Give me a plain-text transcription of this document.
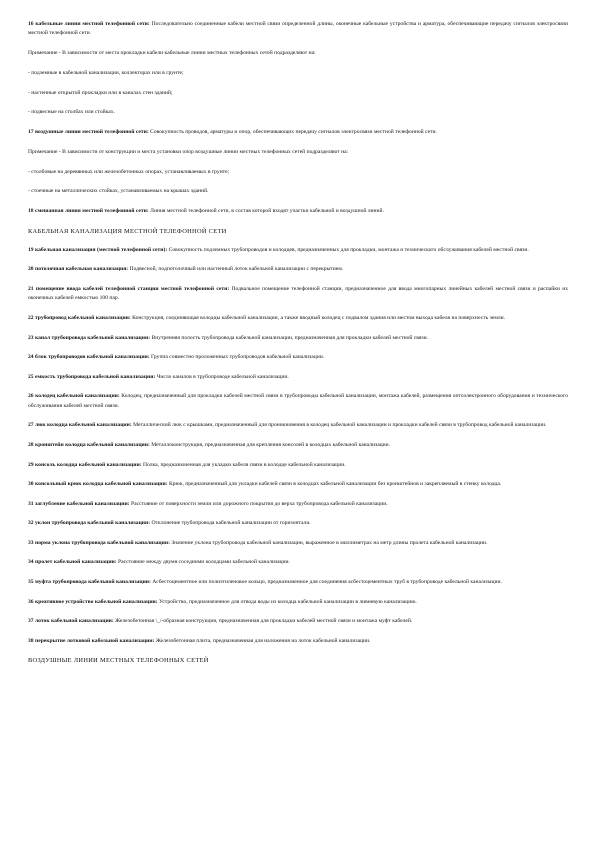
16 кабельные линии местной телефонной сети: Последовательно соединенные кабели местной связи определенной длины, оконечные кабельные устройства и арматура, обеспечивающие передачу сигналов электросвязи местной телефонной сети.

Примечание - В зависимости от места прокладки кабели кабельные линии местных телефонных сетей подразделяют на:

- подземные в кабельной канализации, коллекторах или в грунте;

- настенные открытой прокладки или в каналах стен зданий;

- подвесные на столбах или стойках.

17 воздушные линии местной телефонной сети: Совокупность проводов, арматуры и опор, обеспечивающих передачу сигналов электросвязи местной телефонной сети.

Примечание - В зависимости от конструкции и места установки опор воздушные линии местных телефонных сетей подразделяют на:

- столбовые на деревянных или железобетонных опорах, устанавливаемых в грунте;

- стоечные на металлических стойках, устанавливаемых на крышах зданий.

18 смешанная линия местной телефонной сети: Линия местной телефонной сети, в состав которой входят участки кабельной и воздушной линий.

КАБЕЛЬНАЯ КАНАЛИЗАЦИЯ МЕСТНОЙ ТЕЛЕФОННОЙ СЕТИ

19 кабельная канализация (местной телефонной сети): Совокупность подземных трубопроводов и колодцев, предназначенных для прокладки, монтажа и технического обслуживания кабелей местной связи.

20 потолочная кабельная канализация: Подвесной, подпотолочный или настенный лоток кабельной канализации с перекрытием.

21 помещение ввода кабелей телефонной станции местной телефонной сети: Подвальное помещение телефонной станции, предназначенное для ввода многопарных линейных кабелей местной связи и распайки их оконечных кабелей емкостью 100 пар.

22 трубопровод кабельной канализации: Конструкция, соединяющая колодцы кабельной канализации, а также вводный колодец с подвалом здания или местом выхода кабеля на поверхность земли.

23 канал трубопровода кабельной канализации: Внутренняя полость трубопровода кабельной канализации, предназначенная для прокладки кабелей местной связи.

24 блок трубопроводов кабельной канализации: Группа совместно проложенных трубопроводов кабельной канализации.

25 емкость трубопровода кабельной канализации: Число каналов в трубопроводе кабельной канализации.

26 колодец кабельной канализации: Колодец, предназначенный для прокладки кабелей местной связи в трубопроводы кабельной канализации, монтажа кабелей, размещения оптоэлектронного оборудования и технического обслуживания кабелей местной связи.

27 люк колодца кабельной канализации: Металлический люк с крышками, предназначенный для проникновения в колодец кабельной канализации и прокладки кабелей связи в трубопровод кабельной канализации.

28 кронштейн колодца кабельной канализации: Металлоконструкция, предназначенная для крепления консолей в колодцах кабельной канализации.

29 консоль колодца кабельной канализации: Полка, предназначенная для укладки кабеля связи в колодце кабельной канализации.

30 консольный крюк колодца кабельной канализации: Крюк, предназначенный для укладки кабелей связи в колодцах кабельной канализации без кронштейнов и закрепляемый в стенку колодца.

31 заглубление кабельной канализации: Расстояние от поверхности земли или дорожного покрытия до верха трубопровода кабельной канализации.

32 уклон трубопровода кабельной канализации: Отклонение трубопровода кабельной канализации от горизонтали.

33 норма уклона трубопровода кабельной канализации: Значение уклона трубопровода кабельной канализации, выраженное в миллиметрах на метр длины пролета кабельной канализации.

34 пролет кабельной канализации: Расстояние между двумя соседними колодцами кабельной канализации.

35 муфта трубопровода кабельной канализации: Асбестоцементное или полиэтиленовое кольцо, предназначенное для соединения асбестоцементных труб в трубопроводе кабельной канализации.

36 креативное устройство кабельной канализации: Устройство, предназначенное для отвода воды из колодца кабельной канализации в ливневую канализацию.

37 лоток кабельной канализации: Железобетонная \_/-образная конструкция, предназначенная для прокладки кабелей местной связи и монтажа муфт кабелей.

38 перекрытие лотковой кабельной канализации: Железобетонная плита, предназначенная для наложения на лоток кабельной канализации.

ВОЗДУШНЫЕ ЛИНИИ МЕСТНЫХ ТЕЛЕФОННЫХ СЕТЕЙ
